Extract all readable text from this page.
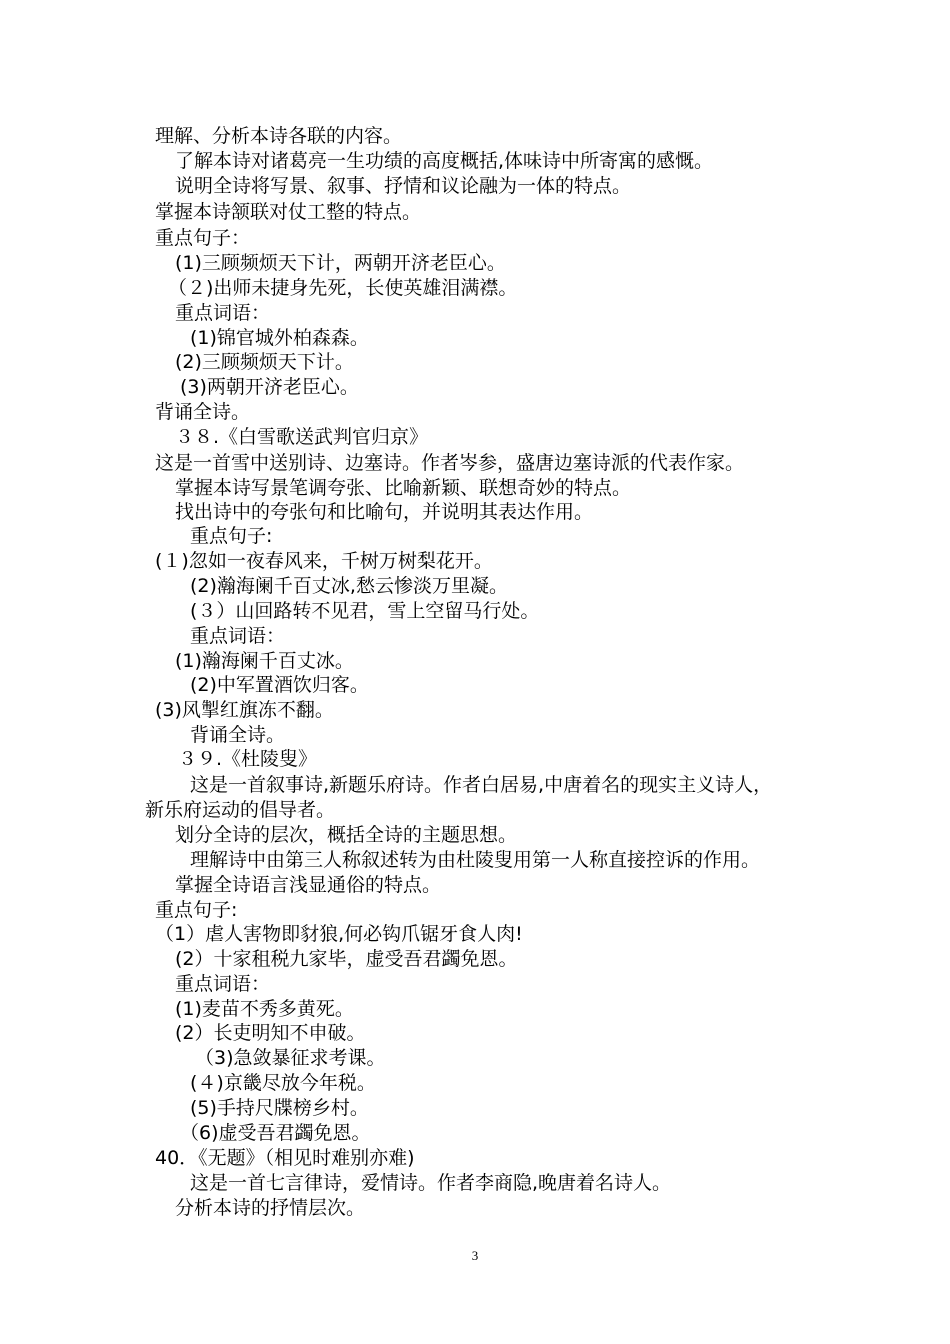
理解、分析本诗各联的内容。
了解本诗对诸葛亮一生功绩的高度概括,体味诗中所寄寓的感慨。
说明全诗将写景、叙事、抒情和议论融为一体的特点。
掌握本诗颔联对仗工整的特点。
重点句子：
(1)三顾频烦天下计，两朝开济老臣心。
（２)出师未捷身先死，长使英雄泪满襟。
重点词语：
(1)锦官城外柏森森。
(2)三顾频烦天下计。
(3)两朝开济老臣心。
背诵全诗。
３８.《白雪歌送武判官归京》
这是一首雪中送别诗、边塞诗。作者岑参，盛唐边塞诗派的代表作家。
掌握本诗写景笔调夸张、比喻新颖、联想奇妙的特点。
找出诗中的夸张句和比喻句，并说明其表达作用。
重点句子:
(１)忽如一夜春风来，千树万树梨花开。
(2)瀚海阑千百丈冰,愁云惨淡万里凝。
(３）山回路转不见君，雪上空留马行处。
重点词语：
(1)瀚海阑千百丈冰。
(2)中军置酒饮归客。
(3)风掣红旗冻不翻。
背诵全诗。
３９.《杜陵叟》
这是一首叙事诗,新题乐府诗。作者白居易,中唐着名的现实主义诗人，
新乐府运动的倡导者。
划分全诗的层次，概括全诗的主题思想。
理解诗中由第三人称叙述转为由杜陵叟用第一人称直接控诉的作用。
掌握全诗语言浅显通俗的特点。
重点句子:
（1）虐人害物即豺狼,何必钩爪锯牙食人肉!
(2）十家租税九家毕，虚受吾君蠲免恩。
重点词语：
(1)麦苗不秀多黄死。
(2）长吏明知不申破。
（3)急敛暴征求考课。
(４)京畿尽放今年税。
(5)手持尺牒榜乡村。
（6)虚受吾君蠲免恩。
40．《无题》（相见时难别亦难)
这是一首七言律诗，爱情诗。作者李商隐,晚唐着名诗人。
分析本诗的抒情层次。
3
